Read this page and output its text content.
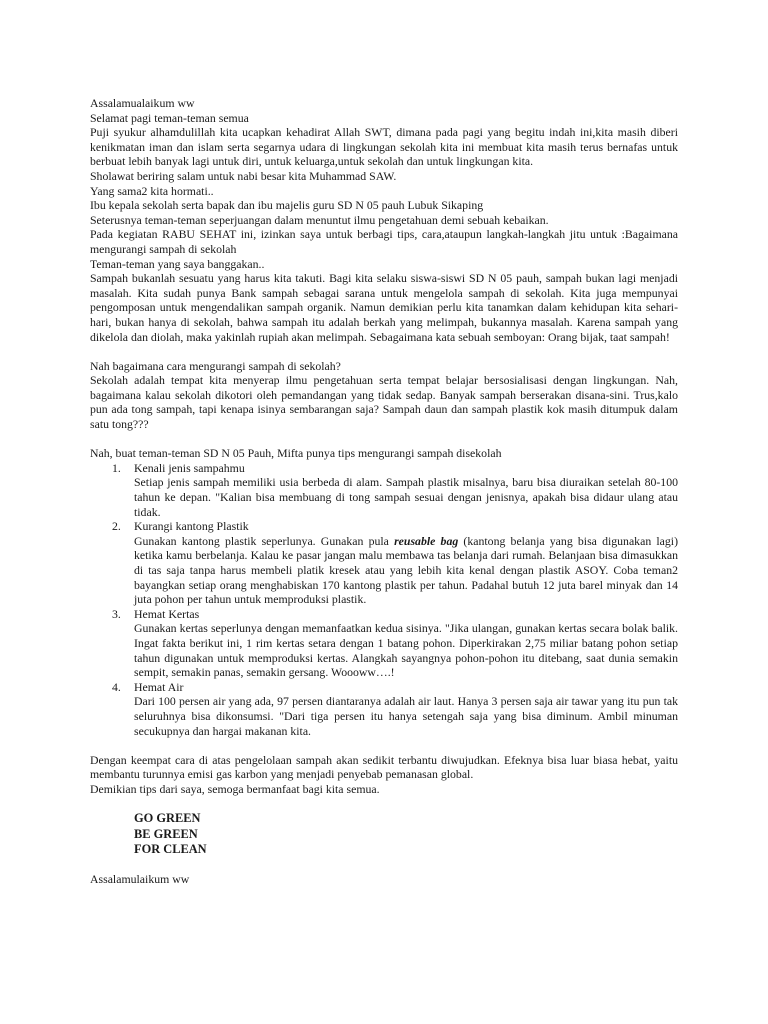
Assalamualaikum ww

Selamat pagi teman-teman semua

Puji syukur alhamdulillah kita ucapkan kehadirat Allah SWT, dimana pada pagi yang begitu indah ini,kita masih diberi kenikmatan iman dan islam serta segarnya udara di lingkungan sekolah kita ini membuat kita masih terus bernafas untuk berbuat lebih banyak lagi untuk diri, untuk keluarga,untuk sekolah dan untuk lingkungan kita.

Sholawat beriring salam untuk nabi besar kita Muhammad SAW.

Yang sama2 kita hormati..

Ibu kepala sekolah serta bapak dan ibu majelis guru SD N 05 pauh Lubuk Sikaping

Seterusnya teman-teman seperjuangan dalam menuntut ilmu pengetahuan demi sebuah kebaikan.

Pada kegiatan RABU SEHAT ini, izinkan saya untuk berbagi tips, cara,ataupun langkah-langkah jitu untuk :Bagaimana mengurangi sampah di sekolah

Teman-teman yang saya banggakan..

Sampah bukanlah sesuatu yang harus kita takuti. Bagi kita selaku siswa-siswi SD N 05 pauh, sampah bukan lagi menjadi masalah. Kita sudah punya Bank sampah sebagai sarana untuk mengelola sampah di sekolah. Kita juga mempunyai pengomposan untuk mengendalikan sampah organik. Namun demikian perlu kita tanamkan dalam kehidupan kita sehari-hari, bukan hanya di sekolah, bahwa sampah itu adalah berkah yang melimpah, bukannya masalah. Karena sampah yang dikelola dan diolah, maka yakinlah rupiah akan melimpah. Sebagaimana kata sebuah semboyan: Orang bijak, taat sampah!

Nah bagaimana cara mengurangi sampah di sekolah?

Sekolah adalah tempat kita menyerap ilmu pengetahuan serta tempat belajar bersosialisasi dengan lingkungan. Nah, bagaimana kalau sekolah dikotori oleh pemandangan yang tidak sedap. Banyak sampah berserakan disana-sini. Trus,kalo pun ada tong sampah, tapi kenapa isinya sembarangan saja? Sampah daun dan sampah plastik kok masih ditumpuk dalam satu tong???

Nah, buat teman-teman SD N 05 Pauh, Mifta punya tips mengurangi sampah disekolah

1. Kenali jenis sampahmu
Setiap jenis sampah memiliki usia berbeda di alam. Sampah plastik misalnya, baru bisa diuraikan setelah 80-100 tahun ke depan. "Kalian bisa membuang di tong sampah sesuai dengan jenisnya, apakah bisa didaur ulang atau tidak.
2. Kurangi kantong Plastik
Gunakan kantong plastik seperlunya. Gunakan pula reusable bag (kantong belanja yang bisa digunakan lagi) ketika kamu berbelanja. Kalau ke pasar jangan malu membawa tas belanja dari rumah. Belanjaan bisa dimasukkan di tas saja tanpa harus membeli platik kresek atau yang lebih kita kenal dengan plastik ASOY. Coba teman2 bayangkan setiap orang menghabiskan 170 kantong plastik per tahun. Padahal butuh 12 juta barel minyak dan 14 juta pohon per tahun untuk memproduksi plastik.
3. Hemat Kertas
Gunakan kertas seperlunya dengan memanfaatkan kedua sisinya. "Jika ulangan, gunakan kertas secara bolak balik. Ingat fakta berikut ini, 1 rim kertas setara dengan 1 batang pohon. Diperkirakan 2,75 miliar batang pohon setiap tahun digunakan untuk memproduksi kertas. Alangkah sayangnya pohon-pohon itu ditebang, saat dunia semakin sempit, semakin panas, semakin gersang. Woooww….!
4. Hemat Air
Dari 100 persen air yang ada, 97 persen diantaranya adalah air laut. Hanya 3 persen saja air tawar yang itu pun tak seluruhnya bisa dikonsumsi. "Dari tiga persen itu hanya setengah saja yang bisa diminum. Ambil minuman secukupnya dan hargai makanan kita.

Dengan keempat cara di atas pengelolaan sampah akan sedikit terbantu diwujudkan. Efeknya bisa luar biasa hebat, yaitu membantu turunnya emisi gas karbon yang menjadi penyebab pemanasan global.

Demikian tips dari saya, semoga bermanfaat bagi kita semua.

GO GREEN
BE GREEN
FOR CLEAN

Assalamulaikum ww
